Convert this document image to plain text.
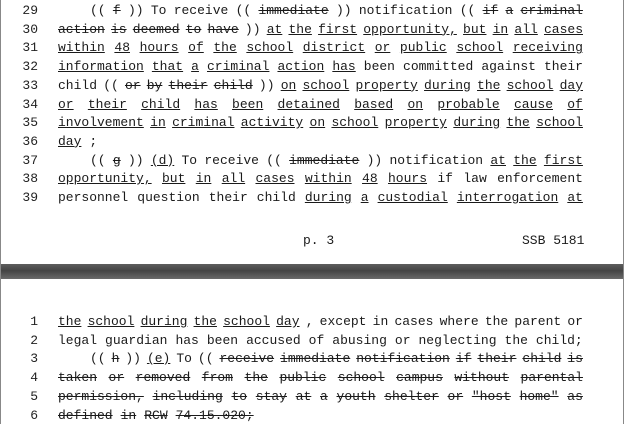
29	(( f )) To receive (( immediate )) notification (( if a criminal
30 action is deemed to have )) at the first opportunity, but in all cases
31 within 48 hours of the school district or public school receiving
32 information that a criminal action has been committed against their
33 child (( or by their child )) on school property during the school day
34 or their child has been detained based on probable cause of
35 involvement in criminal activity on school property during the school
36 day ;
37	(( g )) (d) To receive (( immediate )) notification at the first
38 opportunity, but in all cases within 48 hours if law enforcement
39 personnel question their child during a custodial interrogation at
p. 3	SSB 5181
1 the school during the school day , except in cases where the parent or
2 legal guardian has been accused of abusing or neglecting the child;
3	(( h )) (e) To (( receive immediate notification if their child is
4 taken or removed from the public school campus without parental
5 permission, including to stay at a youth shelter or "host home" as
6 defined in RCW 74.15.020;
